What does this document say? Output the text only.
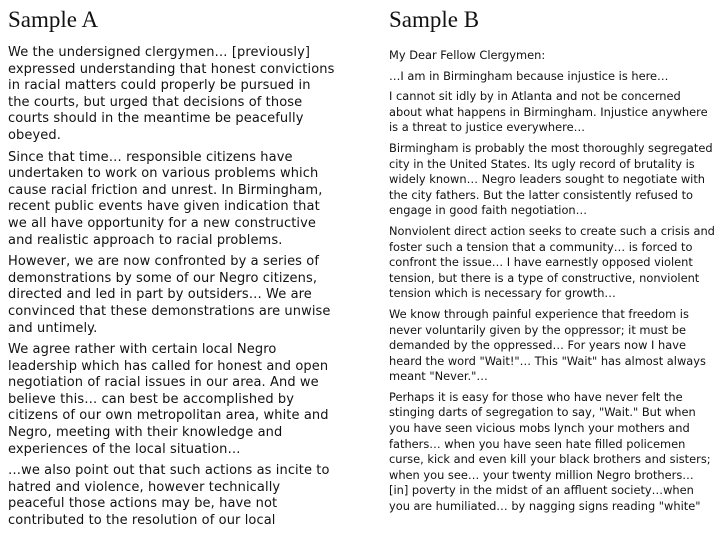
Sample A

We the undersigned clergymen… [previously] expressed understanding that honest convictions in racial matters could properly be pursued in the courts, but urged that decisions of those courts should in the meantime be peacefully obeyed.

Since that time… responsible citizens have undertaken to work on various problems which cause racial friction and unrest. In Birmingham, recent public events have given indication that we all have opportunity for a new constructive and realistic approach to racial problems.

However, we are now confronted by a series of demonstrations by some of our Negro citizens, directed and led in part by outsiders… We are convinced that these demonstrations are unwise and untimely.

We agree rather with certain local Negro leadership which has called for honest and open negotiation of racial issues in our area. And we believe this… can best be accomplished by citizens of our own metropolitan area, white and Negro, meeting with their knowledge and experiences of the local situation…

…we also point out that such actions as incite to hatred and violence, however technically peaceful those actions may be, have not contributed to the resolution of our local

Sample B

My Dear Fellow Clergymen:

…I am in Birmingham because injustice is here…

I cannot sit idly by in Atlanta and not be concerned about what happens in Birmingham. Injustice anywhere is a threat to justice everywhere…

Birmingham is probably the most thoroughly segregated city in the United States. Its ugly record of brutality is widely known… Negro leaders sought to negotiate with the city fathers. But the latter consistently refused to engage in good faith negotiation…

Nonviolent direct action seeks to create such a crisis and foster such a tension that a community… is forced to confront the issue… I have earnestly opposed violent tension, but there is a type of constructive, nonviolent tension which is necessary for growth…

We know through painful experience that freedom is never voluntarily given by the oppressor; it must be demanded by the oppressed… For years now I have heard the word "Wait!"… This "Wait" has almost always meant "Never."…

Perhaps it is easy for those who have never felt the stinging darts of segregation to say, "Wait." But when you have seen vicious mobs lynch your mothers and fathers… when you have seen hate filled policemen curse, kick and even kill your black brothers and sisters; when you see… your twenty million Negro brothers… [in] poverty in the midst of an affluent society…when you are humiliated… by nagging signs reading "white"
